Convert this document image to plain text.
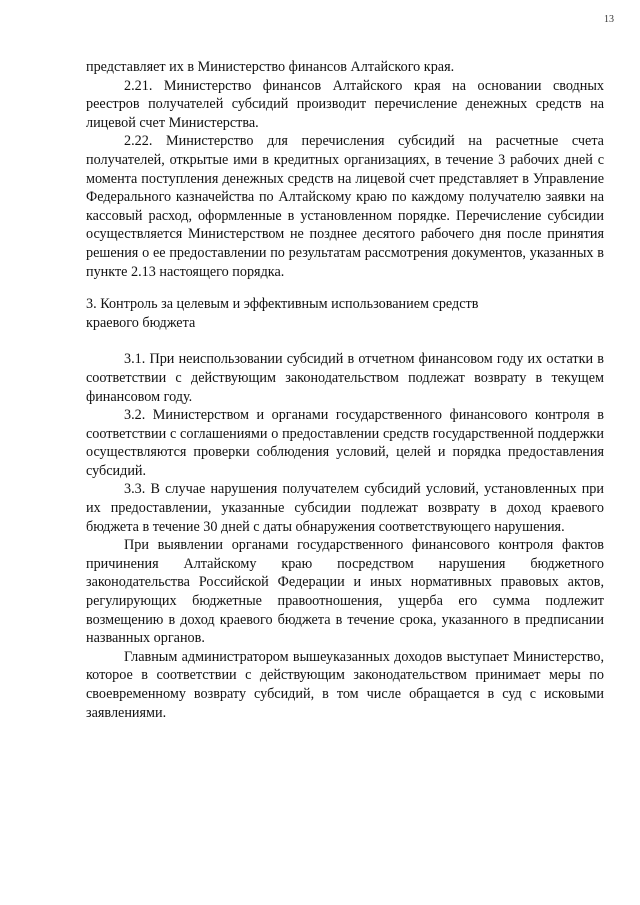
13

представляет их в Министерство финансов Алтайского края.

2.21. Министерство финансов Алтайского края на основании сводных реестров получателей субсидий производит перечисление денежных средств на лицевой счет Министерства.

2.22. Министерство для перечисления субсидий на расчетные счета получателей, открытые ими в кредитных организациях, в течение 3 рабочих дней с момента поступления денежных средств на лицевой счет представляет в Управление Федерального казначейства по Алтайскому краю по каждому получателю заявки на кассовый расход, оформленные в установленном порядке. Перечисление субсидии осуществляется Министерством не позднее десятого рабочего дня после принятия решения о ее предоставлении по результатам рассмотрения документов, указанных в пункте 2.13 настоящего порядка.

3. Контроль за целевым и эффективным использованием средств
краевого бюджета

3.1. При неиспользовании субсидий в отчетном финансовом году их остатки в соответствии с действующим законодательством подлежат возврату в текущем финансовом году.

3.2. Министерством и органами государственного финансового контроля в соответствии с соглашениями о предоставлении средств государственной поддержки осуществляются проверки соблюдения условий, целей и порядка предоставления субсидий.

3.3. В случае нарушения получателем субсидий условий, установленных при их предоставлении, указанные субсидии подлежат возврату в доход краевого бюджета в течение 30 дней с даты обнаружения соответствующего нарушения.

При выявлении органами государственного финансового контроля фактов причинения Алтайскому краю посредством нарушения бюджетного законодательства Российской Федерации и иных нормативных правовых актов, регулирующих бюджетные правоотношения, ущерба его сумма подлежит возмещению в доход краевого бюджета в течение срока, указанного в предписании названных органов.

Главным администратором вышеуказанных доходов выступает Министерство, которое в соответствии с действующим законодательством принимает меры по своевременному возврату субсидий, в том числе обращается в суд с исковыми заявлениями.
